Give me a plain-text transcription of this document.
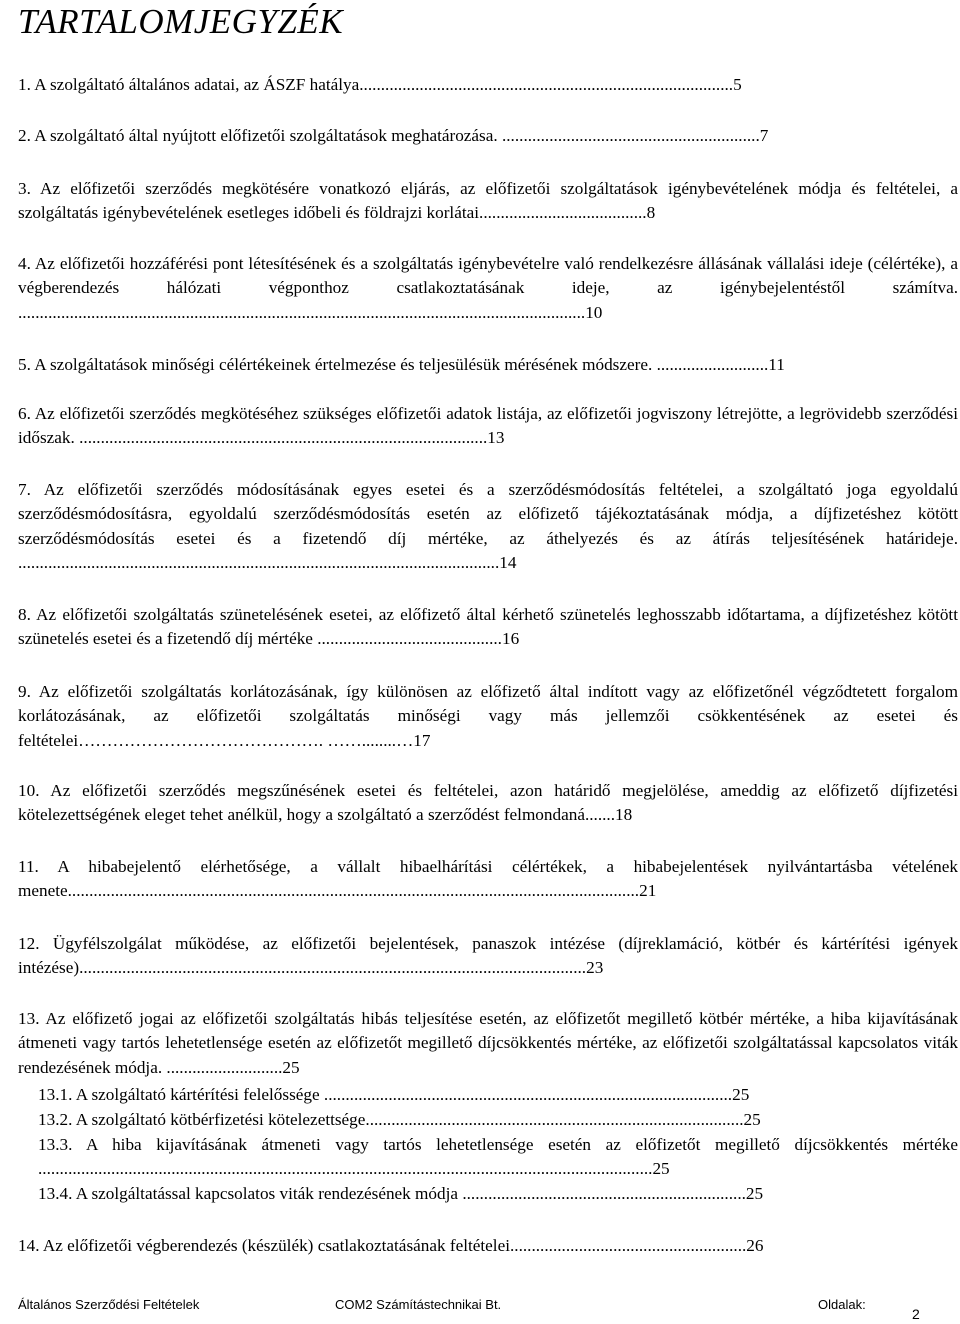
TARTALOMJEGYZÉK
1. A szolgáltató általános adatai, az ÁSZF hatálya.......................................................................................5
2. A szolgáltató által nyújtott előfizetői szolgáltatások meghatározása. ............................................................7
3. Az előfizetői szerződés megkötésére vonatkozó eljárás, az előfizetői szolgáltatások igénybevételének módja és feltételei, a szolgáltatás igénybevételének esetleges időbeli és földrajzi korlátai.......................................8
4. Az előfizetői hozzáférési pont létesítésének és a szolgáltatás igénybevételre való rendelkezésre állásának vállalási ideje (célértéke), a végberendezés hálózati végponthoz csatlakoztatásának ideje, az igénybejelentéstől számítva. ....................................................................................................................................10
5. A szolgáltatások minőségi célértékeinek értelmezése és teljesülésük mérésének módszere. ..........................11
6. Az előfizetői szerződés megkötéséhez szükséges előfizetői adatok listája, az előfizetői jogviszony létrejötte, a legrövidebb szerződési időszak. ...............................................................................................13
7. Az előfizetői szerződés módosításának egyes esetei és a szerződésmódosítás feltételei, a szolgáltató joga egyoldalú szerződésmódosításra, egyoldalú szerződésmódosítás esetén az előfizető tájékoztatásának módja, a díjfizetéshez kötött szerződésmódosítás esetei és a fizetendő díj mértéke, az áthelyezés és az átírás teljesítésének határideje. ................................................................................................................14
8. Az előfizetői szolgáltatás szünetelésének esetei, az előfizető által kérhető szünetelés leghosszabb időtartama, a díjfizetéshez kötött szünetelés esetei és a fizetendő díj mértéke ...........................................16
9. Az előfizetői szolgáltatás korlátozásának, így különösen az előfizető által indított vagy az előfizetőnél végződtetett forgalom korlátozásának, az előfizetői szolgáltatás minőségi vagy más jellemzői csökkentésének az esetei és feltételei……………………………………. ……........…17
10. Az előfizetői szerződés megszűnésének esetei és feltételei, azon határidő megjelölése, ameddig az előfizető díjfizetési kötelezettségének eleget tehet anélkül, hogy a szolgáltató a szerződést felmondaná.......18
11. A hibabejelentő elérhetősége, a vállalt hibaelhárítási célértékek, a hibabejelentések nyilvántartásba vételének menete.....................................................................................................................................21
12. Ügyfélszolgálat működése, az előfizetői bejelentések, panaszok intézése (díjreklamáció, kötbér és kártérítési igények intézése)......................................................................................................................23
13. Az előfizető jogai az előfizetői szolgáltatás hibás teljesítése esetén, az előfizetőt megillető kötbér mértéke, a hiba kijavításának átmeneti vagy tartós lehetetlensége esetén az előfizetőt megillető díjcsökkentés mértéke, az előfizetői szolgáltatással kapcsolatos viták rendezésének módja. ...........................25
13.1. A szolgáltató kártérítési felelőssége ...............................................................................................25
13.2. A szolgáltató kötbérfizetési kötelezettsége........................................................................................25
13.3. A hiba kijavításának átmeneti vagy tartós lehetetlensége esetén az előfizetőt megillető díjcsökkentés mértéke ...............................................................................................................................................25
13.4. A szolgáltatással kapcsolatos viták rendezésének módja ..................................................................25
14. Az előfizetői végberendezés (készülék) csatlakoztatásának feltételei.......................................................26
Általános Szerződési Feltételek	COM2 Számítástechnikai Bt.	Oldalak:
2
